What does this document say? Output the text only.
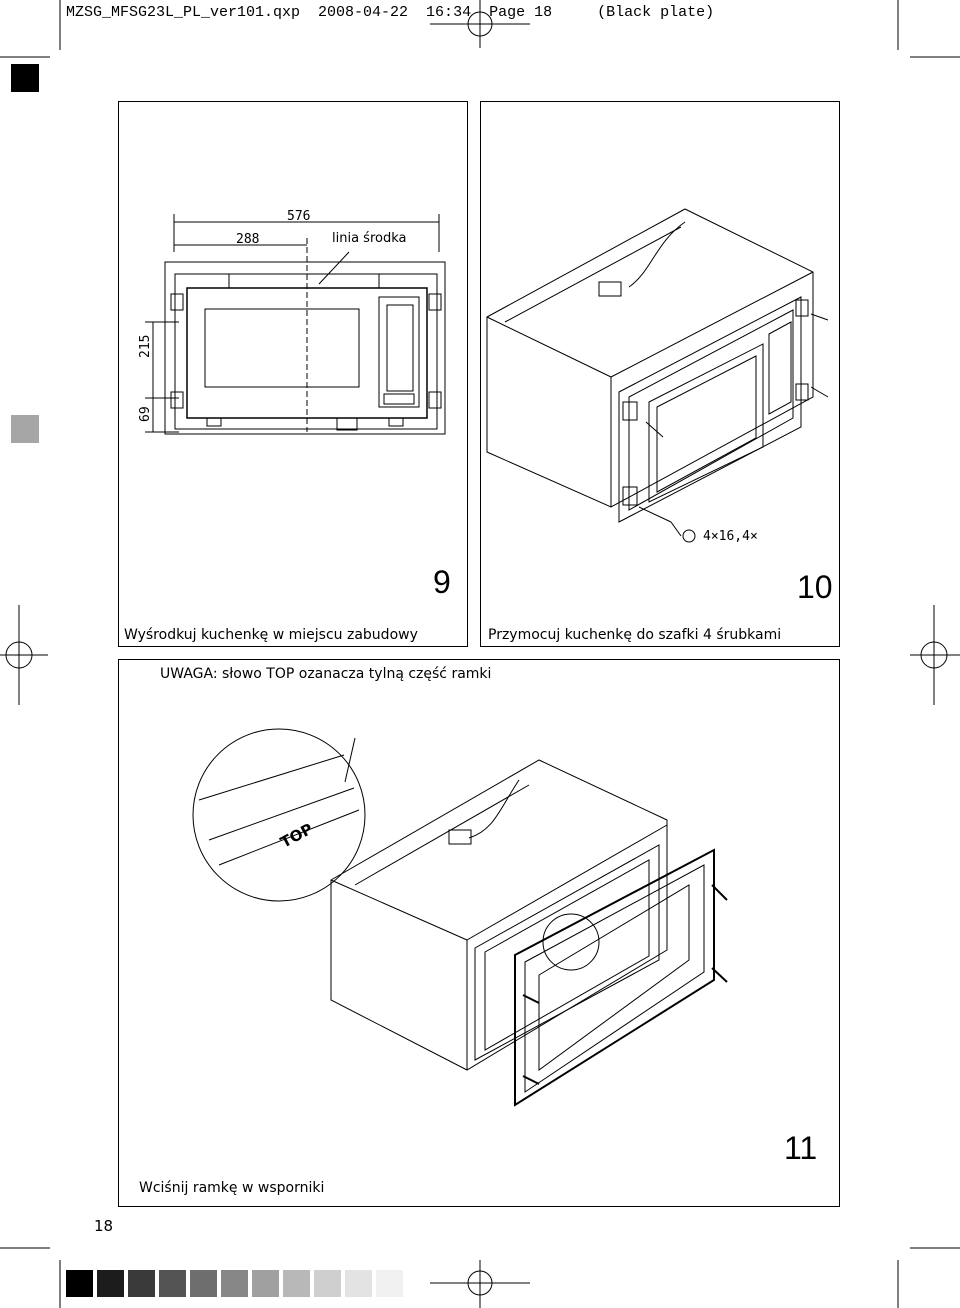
MZSG_MFSG23L_PL_ver101.qxp  2008-04-22  16:34  Page 18     (Black plate)
576
288
215
69
linia środka
9
Wyśrodkuj kuchenkę w miejscu zabudowy
4×16,4×
10
Przymocuj kuchenkę do szafki 4 śrubkami
UWAGA: słowo TOP ozanacza tylną część ramki
TOP
11
Wciśnij ramkę w wsporniki
18
